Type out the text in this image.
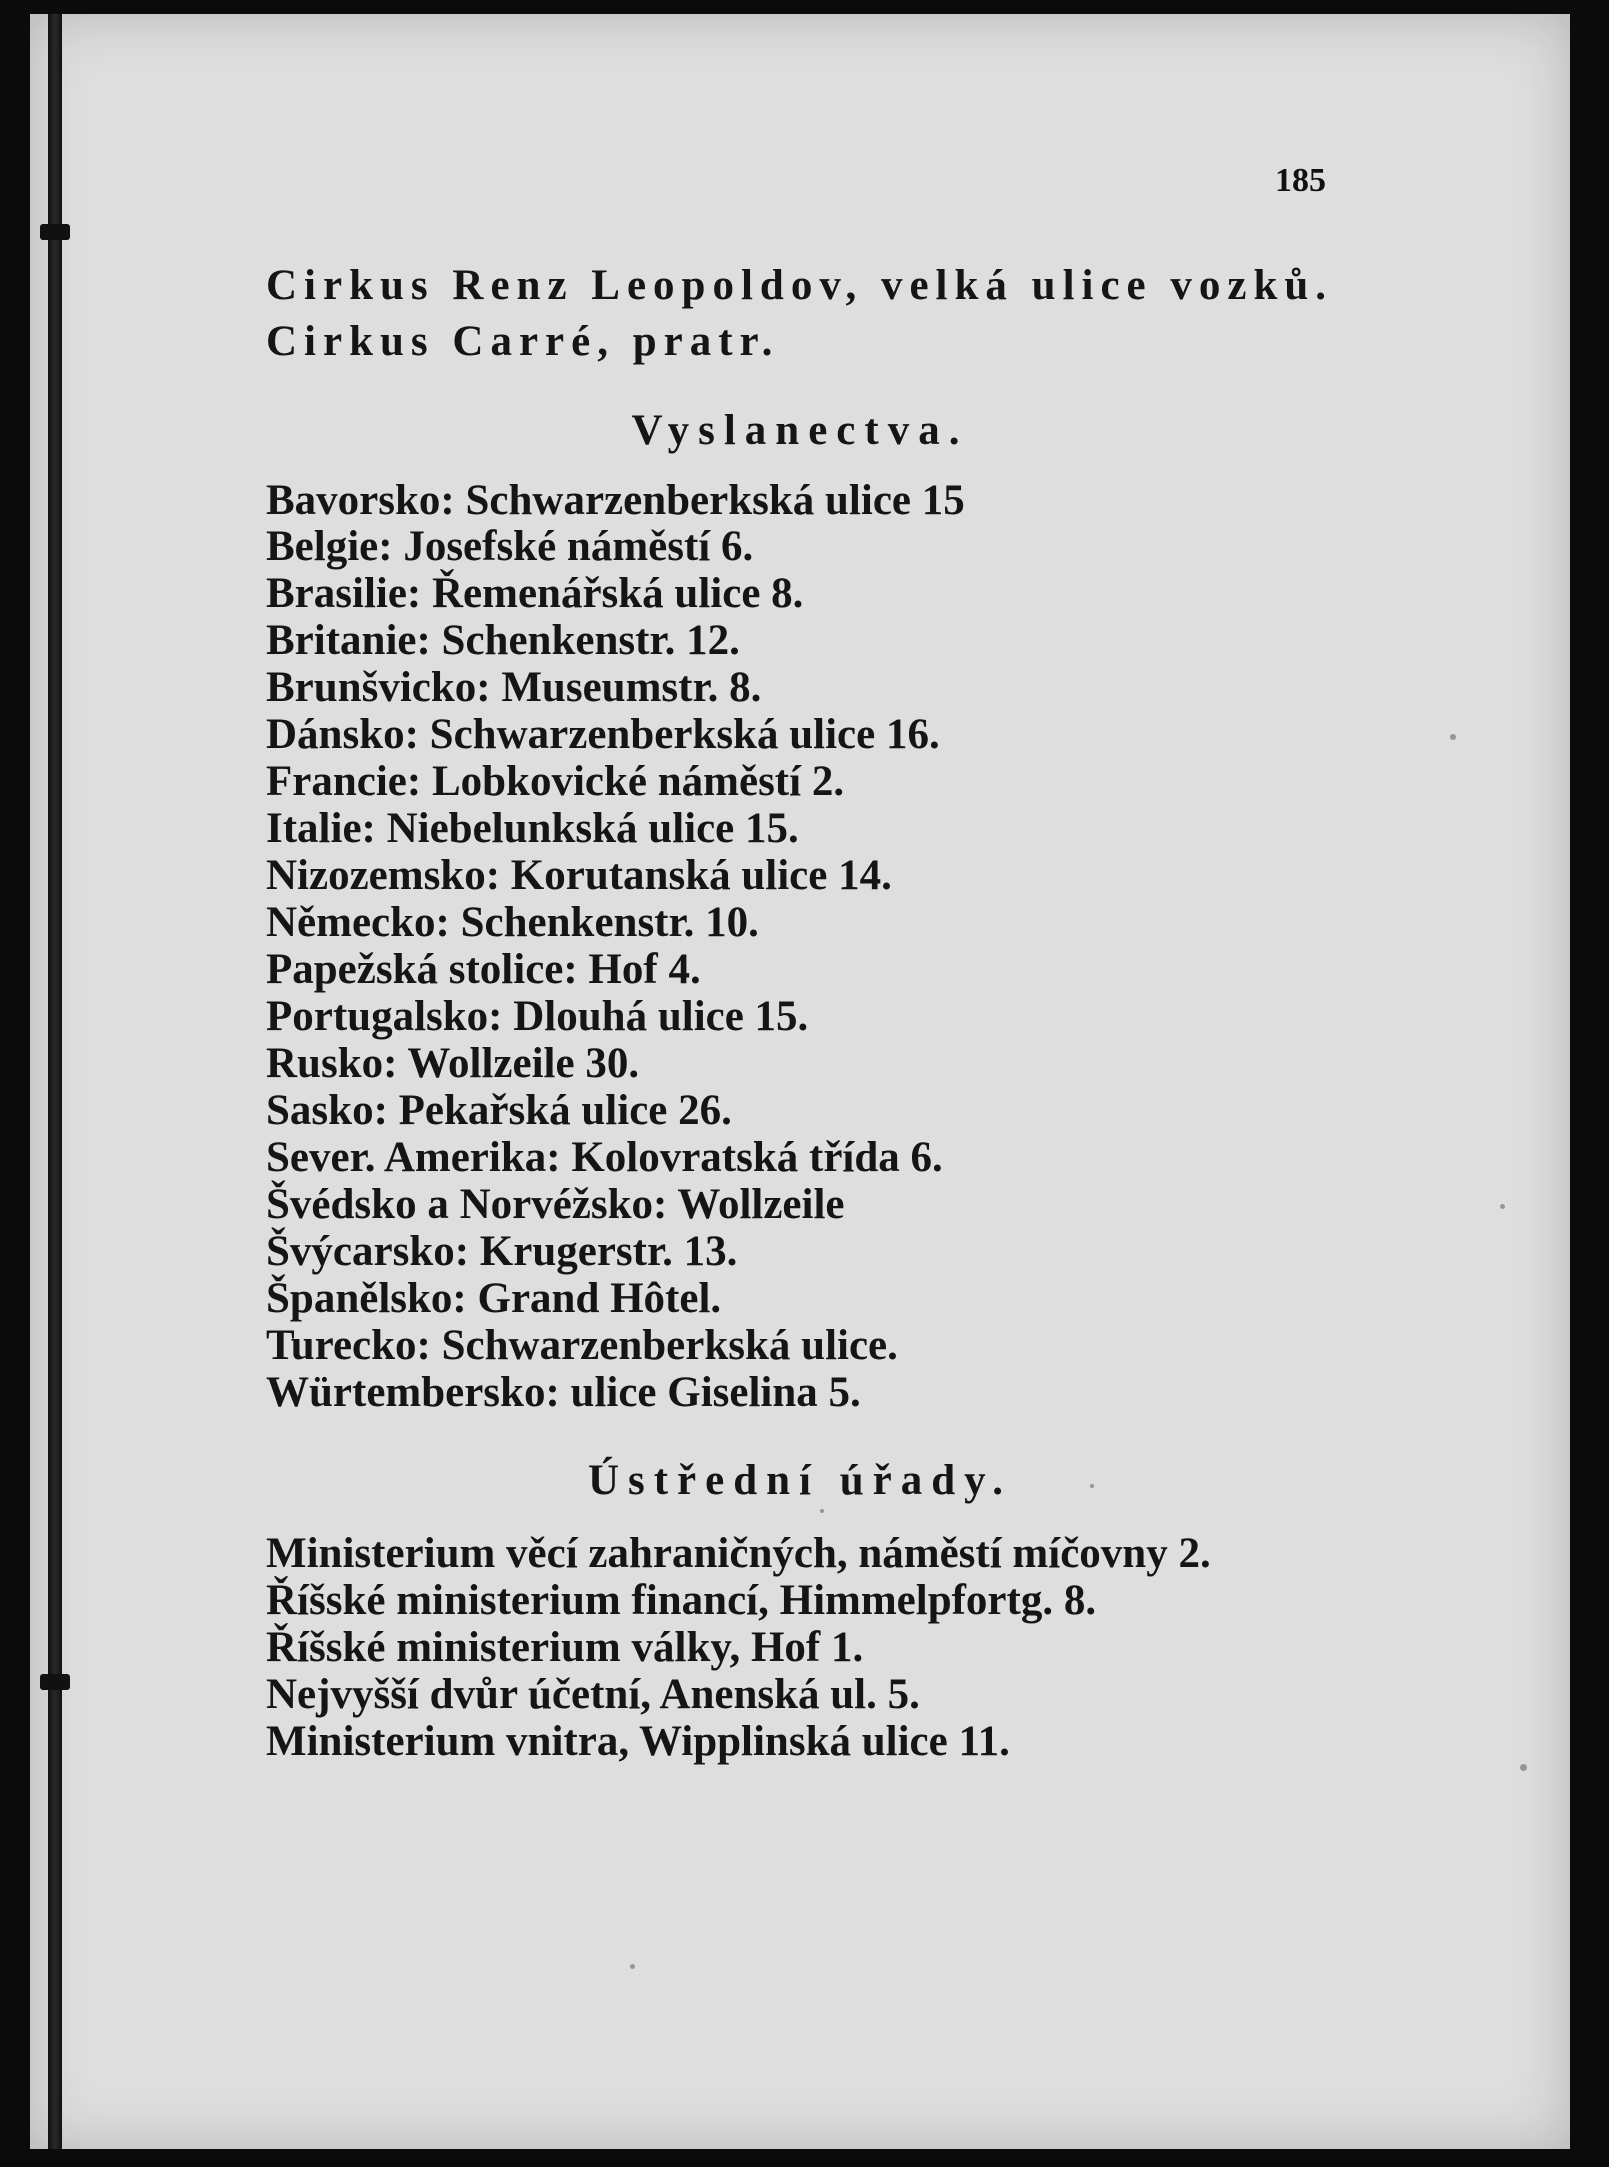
185
Cirkus Renz Leopoldov, velká ulice vozků.
Cirkus Carré, pratr.
Vyslanectva.
Bavorsko: Schwarzenberkská ulice 15
Belgie: Josefské náměstí 6.
Brasilie: Řemenářská ulice 8.
Britanie: Schenkenstr. 12.
Brunšvicko: Museumstr. 8.
Dánsko: Schwarzenberkská ulice 16.
Francie: Lobkovické náměstí 2.
Italie: Niebelunkská ulice 15.
Nizozemsko: Korutanská ulice 14.
Německo: Schenkenstr. 10.
Papežská stolice: Hof 4.
Portugalsko: Dlouhá ulice 15.
Rusko: Wollzeile 30.
Sasko: Pekařská ulice 26.
Sever. Amerika: Kolovratská třída 6.
Švédsko a Norvéžsko: Wollzeile
Švýcarsko: Krugerstr. 13.
Španělsko: Grand Hôtel.
Turecko: Schwarzenberkská ulice.
Würtembersko: ulice Giselina 5.
Ústřední úřady.
Ministerium věcí zahraničných, náměstí míčovny 2.
Říšské ministerium financí, Himmelpfortg. 8.
Říšské ministerium války, Hof 1.
Nejvyšší dvůr účetní, Anenská ul. 5.
Ministerium vnitra, Wipplinská ulice 11.
